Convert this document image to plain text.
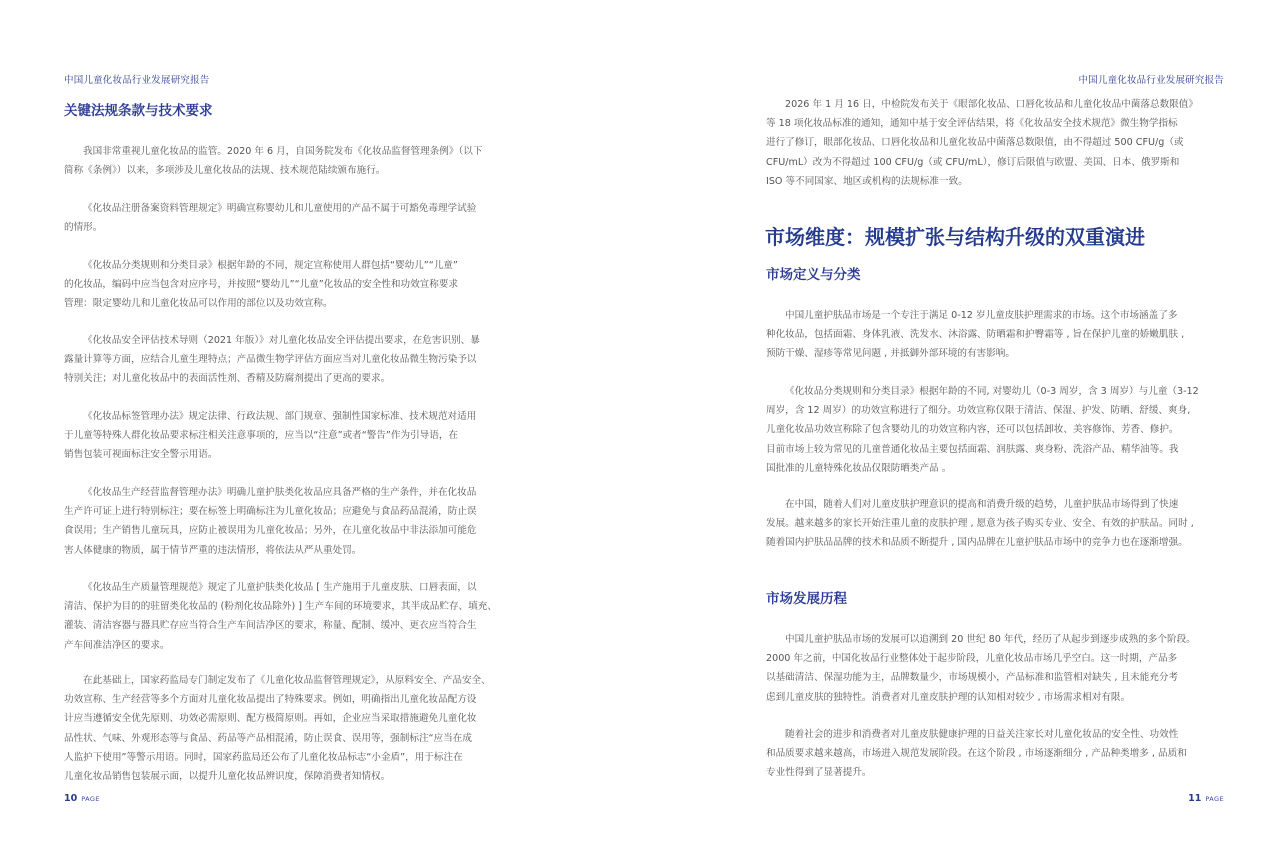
中国儿童化妆品行业发展研究报告
关键法规条款与技术要求

我国非常重视儿童化妆品的监管。2020 年 6 月，自国务院发布《化妆品监督管理条例》（以下
简称《条例》）以来，多项涉及儿童化妆品的法规、技术规范陆续颁布施行。

《化妆品注册备案资料管理规定》明确宣称婴幼儿和儿童使用的产品不属于可豁免毒理学试验
的情形。

《化妆品分类规则和分类目录》根据年龄的不同，规定宣称使用人群包括“婴幼儿”“儿童”
的化妆品，编码中应当包含对应序号，并按照“婴幼儿”“儿童”化妆品的安全性和功效宣称要求
管理：限定婴幼儿和儿童化妆品可以作用的部位以及功效宣称。

《化妆品安全评估技术导则（2021 年版）》对儿童化妆品安全评估提出要求，在危害识别、暴
露量计算等方面，应结合儿童生理特点；产品微生物学评估方面应当对儿童化妆品微生物污染予以
特别关注；对儿童化妆品中的表面活性剂、香精及防腐剂提出了更高的要求。

《化妆品标签管理办法》规定法律、行政法规、部门规章、强制性国家标准、技术规范对适用
于儿童等特殊人群化妆品要求标注相关注意事项的，应当以“注意”或者“警告”作为引导语，在
销售包装可视面标注安全警示用语。

《化妆品生产经营监督管理办法》明确儿童护肤类化妆品应具备严格的生产条件，并在化妆品
生产许可证上进行特别标注；要在标签上明确标注为儿童化妆品；应避免与食品药品混淆，防止误
食误用；生产销售儿童玩具，应防止被误用为儿童化妆品；另外，在儿童化妆品中非法添加可能危
害人体健康的物质，属于情节严重的违法情形，将依法从严从重处罚。

《化妆品生产质量管理规范》规定了儿童护肤类化妆品 [ 生产施用于儿童皮肤、口唇表面，以
清洁、保护为目的的驻留类化妆品的 (粉剂化妆品除外) ] 生产车间的环境要求，其半成品贮存、填充、
灌装、清洁容器与器具贮存应当符合生产车间洁净区的要求，称量、配制、缓冲、更衣应当符合生
产车间准洁净区的要求。

在此基础上，国家药监局专门制定发布了《儿童化妆品监督管理规定》，从原料安全、产品安全、
功效宣称、生产经营等多个方面对儿童化妆品提出了特殊要求。例如，明确指出儿童化妆品配方设
计应当遵循安全优先原则、功效必需原则、配方极简原则。再如，企业应当采取措施避免儿童化妆
品性状、气味、外观形态等与食品、药品等产品相混淆，防止误食、误用等，强制标注“应当在成
人监护下使用”等警示用语。同时，国家药监局还公布了儿童化妆品标志“小金盾”，用于标注在
儿童化妆品销售包装展示面，以提升儿童化妆品辨识度，保障消费者知情权。

10 PAGE
中国儿童化妆品行业发展研究报告

2026 年 1 月 16 日，中检院发布关于《眼部化妆品、口唇化妆品和儿童化妆品中菌落总数限值》
等 18 项化妆品标准的通知，通知中基于安全评估结果，将《化妆品安全技术规范》微生物学指标
进行了修订，眼部化妆品、口唇化妆品和儿童化妆品中菌落总数限值，由不得超过 500 CFU/g（或
CFU/mL）改为不得超过 100 CFU/g（或 CFU/mL），修订后限值与欧盟、美国、日本、俄罗斯和
ISO 等不同国家、地区或机构的法规标准一致。

市场维度：规模扩张与结构升级的双重演进
市场定义与分类

中国儿童护肤品市场是一个专注于满足 0-12 岁儿童皮肤护理需求的市场。这个市场涵盖了多
种化妆品，包括面霜、身体乳液、洗发水、沐浴露、防晒霜和护臀霜等 , 旨在保护儿童的娇嫩肌肤 ,
预防干燥、湿疹等常见问题 , 并抵御外部环境的有害影响。

《化妆品分类规则和分类目录》根据年龄的不同, 对婴幼儿（0-3 周岁，含 3 周岁）与儿童（3-12
周岁，含 12 周岁）的功效宣称进行了细分。功效宣称仅限于清洁、保湿、护发、防晒、舒缓、爽身,
儿童化妆品功效宣称除了包含婴幼儿的功效宣称内容，还可以包括卸妆、美容修饰、芳香、修护。
目前市场上较为常见的儿童普通化妆品主要包括面霜、润肤露、爽身粉、洗浴产品、精华油等。我
国批准的儿童特殊化妆品仅限防晒类产品 。

在中国，随着人们对儿童皮肤护理意识的提高和消费升级的趋势，儿童护肤品市场得到了快速
发展。越来越多的家长开始注重儿童的皮肤护理 , 愿意为孩子购买专业、安全、有效的护肤品。同时 ,
随着国内护肤品品牌的技术和品质不断提升 , 国内品牌在儿童护肤品市场中的竞争力也在逐渐增强。

市场发展历程

中国儿童护肤品市场的发展可以追溯到 20 世纪 80 年代，经历了从起步到逐步成熟的多个阶段。
2000 年之前，中国化妆品行业整体处于起步阶段，儿童化妆品市场几乎空白。这一时期，产品多
以基础清洁、保湿功能为主，品牌数量少，市场规模小，产品标准和监管相对缺失 , 且未能充分考
虑到儿童皮肤的独特性。消费者对儿童皮肤护理的认知相对较少 , 市场需求相对有限。

随着社会的进步和消费者对儿童皮肤健康护理的日益关注家长对儿童化妆品的安全性、功效性
和品质要求越来越高，市场进入规范发展阶段。在这个阶段 , 市场逐渐细分 , 产品种类增多 , 品质和
专业性得到了显著提升。

11 PAGE
